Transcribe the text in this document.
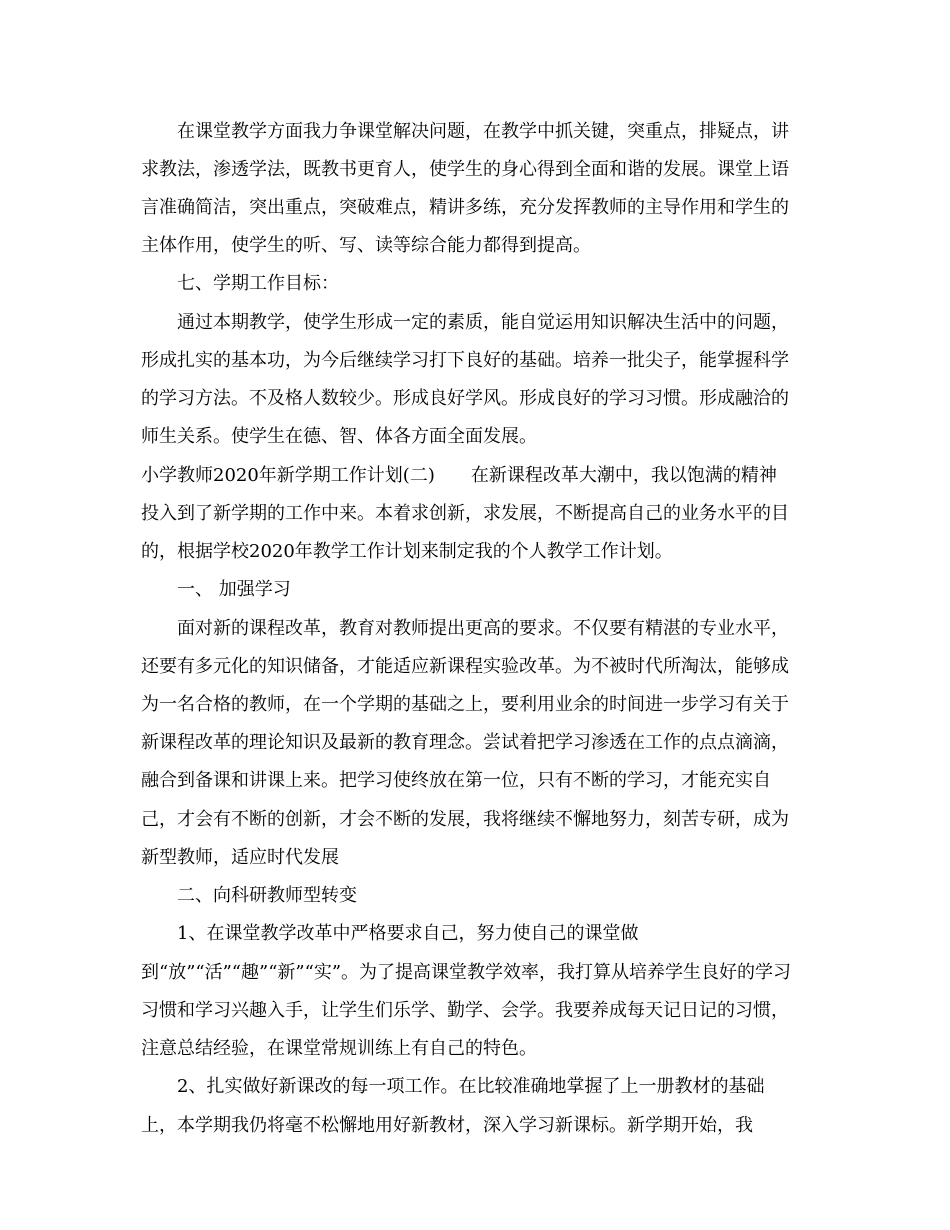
在课堂教学方面我力争课堂解决问题，在教学中抓关键，突重点，排疑点，讲
求教法，渗透学法，既教书更育人，使学生的身心得到全面和谐的发展。课堂上语
言准确简洁，突出重点，突破难点，精讲多练，充分发挥教师的主导作用和学生的
主体作用，使学生的听、写、读等综合能力都得到提高。
七、学期工作目标：
通过本期教学，使学生形成一定的素质，能自觉运用知识解决生活中的问题，
形成扎实的基本功，为今后继续学习打下良好的基础。培养一批尖子，能掌握科学
的学习方法。不及格人数较少。形成良好学风。形成良好的学习习惯。形成融洽的
师生关系。使学生在德、智、体各方面全面发展。
小学教师2020年新学期工作计划(二)　　在新课程改革大潮中，我以饱满的精神
投入到了新学期的工作中来。本着求创新，求发展，不断提高自己的业务水平的目
的，根据学校2020年教学工作计划来制定我的个人教学工作计划。
一、 加强学习
面对新的课程改革，教育对教师提出更高的要求。不仅要有精湛的专业水平，
还要有多元化的知识储备，才能适应新课程实验改革。为不被时代所淘汰，能够成
为一名合格的教师，在一个学期的基础之上，要利用业余的时间进一步学习有关于
新课程改革的理论知识及最新的教育理念。尝试着把学习渗透在工作的点点滴滴，
融合到备课和讲课上来。把学习使终放在第一位，只有不断的学习，才能充实自
己，才会有不断的创新，才会不断的发展，我将继续不懈地努力，刻苦专研，成为
新型教师，适应时代发展
二、向科研教师型转变
1、在课堂教学改革中严格要求自己，努力使自己的课堂做
到“放”“活”“趣”“新”“实”。为了提高课堂教学效率，我打算从培养学生良好的学习
习惯和学习兴趣入手，让学生们乐学、勤学、会学。我要养成每天记日记的习惯，
注意总结经验，在课堂常规训练上有自己的特色。
2、扎实做好新课改的每一项工作。在比较准确地掌握了上一册教材的基础
上，本学期我仍将毫不松懈地用好新教材，深入学习新课标。新学期开始，我
